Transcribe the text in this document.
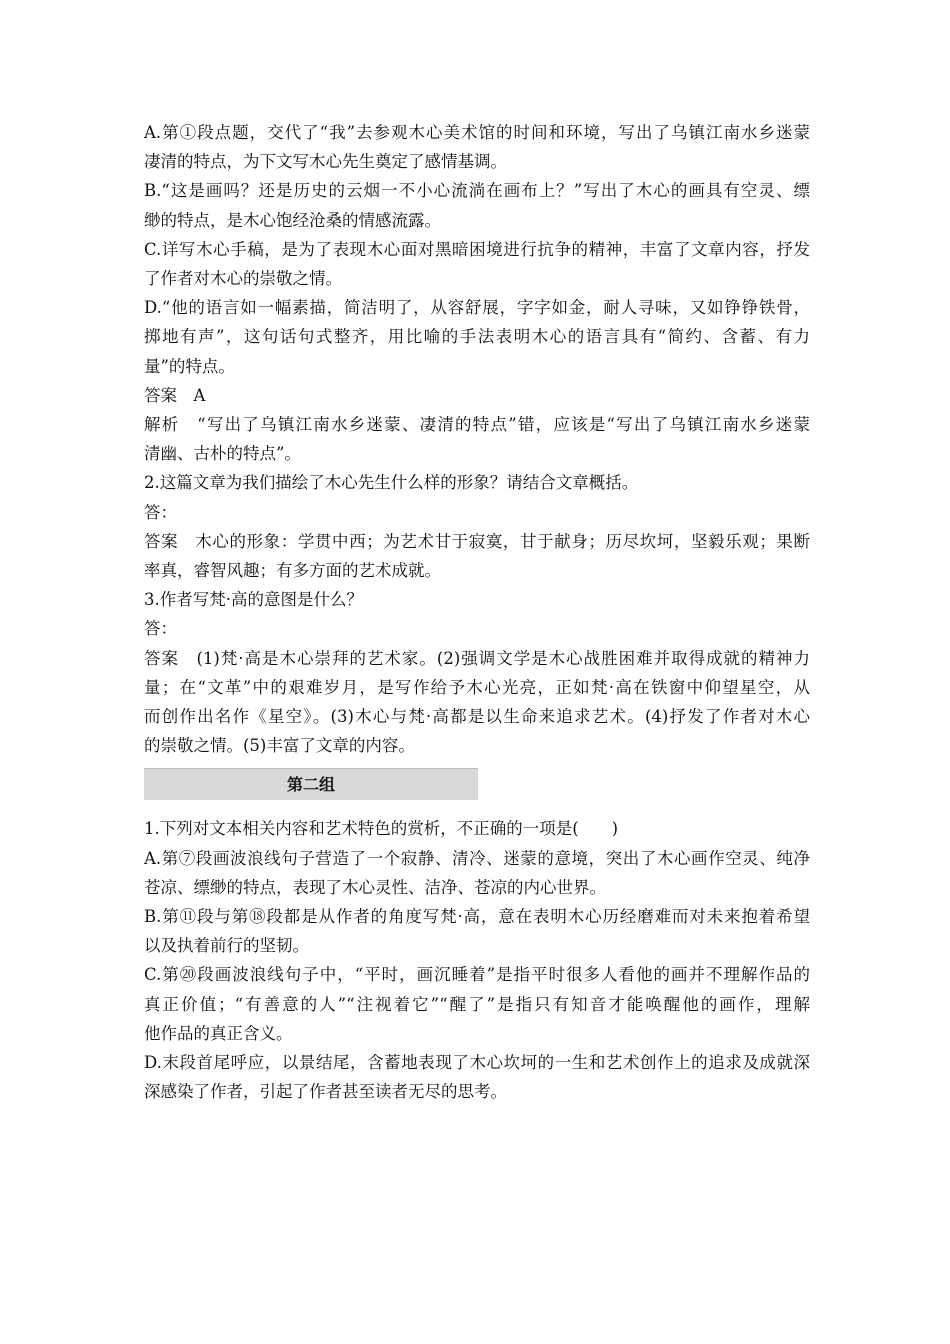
A.第①段点题，交代了“我”去参观木心美术馆的时间和环境，写出了乌镇江南水乡迷蒙
凄清的特点，为下文写木心先生奠定了感情基调。
B.“这是画吗？还是历史的云烟一不小心流淌在画布上？”写出了木心的画具有空灵、缥
缈的特点，是木心饱经沧桑的情感流露。
C.详写木心手稿，是为了表现木心面对黑暗困境进行抗争的精神，丰富了文章内容，抒发
了作者对木心的崇敬之情。
D.“他的语言如一幅素描，简洁明了，从容舒展，字字如金，耐人寻味，又如铮铮铁骨，
掷地有声”，这句话句式整齐，用比喻的手法表明木心的语言具有“简约、含蓄、有力
量”的特点。
答案　A
解析　“写出了乌镇江南水乡迷蒙、凄清的特点”错，应该是“写出了乌镇江南水乡迷蒙
清幽、古朴的特点”。
2.这篇文章为我们描绘了木心先生什么样的形象？请结合文章概括。
答：
答案　木心的形象：学贯中西；为艺术甘于寂寞，甘于献身；历尽坎坷，坚毅乐观；果断
率真，睿智风趣；有多方面的艺术成就。
3.作者写梵·高的意图是什么？
答：
答案　(1)梵·高是木心崇拜的艺术家。(2)强调文学是木心战胜困难并取得成就的精神力
量；在“文革”中的艰难岁月，是写作给予木心光亮，正如梵·高在铁窗中仰望星空，从
而创作出名作《星空》。(3)木心与梵·高都是以生命来追求艺术。(4)抒发了作者对木心
的崇敬之情。(5)丰富了文章的内容。
第二组
1.下列对文本相关内容和艺术特色的赏析，不正确的一项是(　　)
A.第⑦段画波浪线句子营造了一个寂静、清冷、迷蒙的意境，突出了木心画作空灵、纯净
苍凉、缥缈的特点，表现了木心灵性、洁净、苍凉的内心世界。
B.第⑪段与第⑱段都是从作者的角度写梵·高，意在表明木心历经磨难而对未来抱着希望
以及执着前行的坚韧。
C.第⑳段画波浪线句子中，“平时，画沉睡着”是指平时很多人看他的画并不理解作品的
真正价值；“有善意的人”“注视着它”“醒了”是指只有知音才能唤醒他的画作，理解
他作品的真正含义。
D.末段首尾呼应，以景结尾，含蓄地表现了木心坎坷的一生和艺术创作上的追求及成就深
深感染了作者，引起了作者甚至读者无尽的思考。
